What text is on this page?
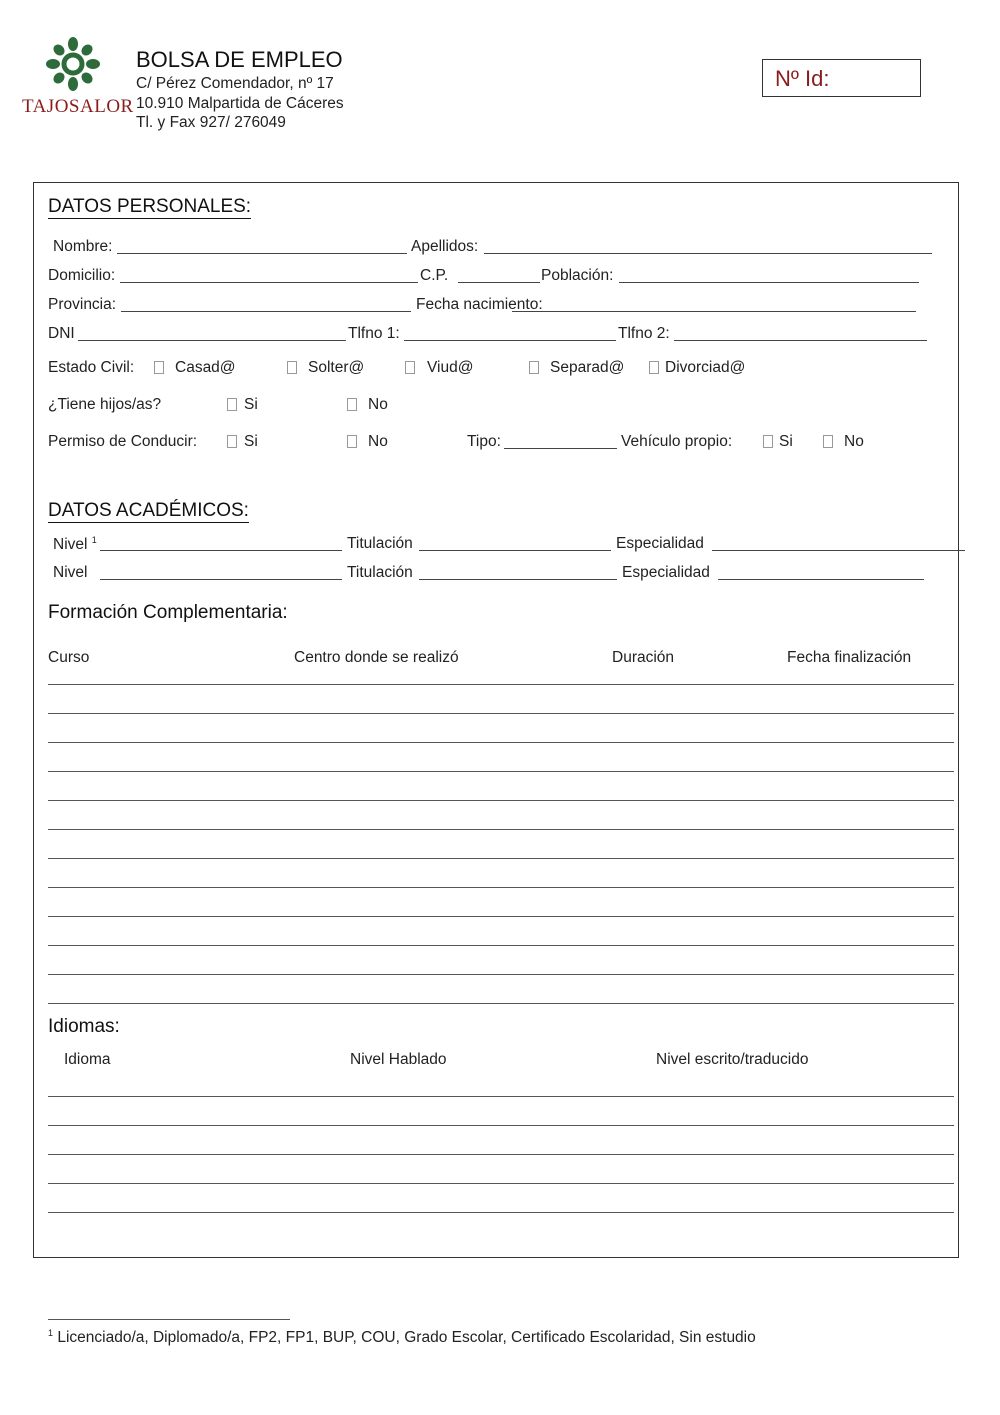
TAJOSALOR
BOLSA DE EMPLEO
C/ Pérez Comendador, nº 17
10.910 Malpartida de Cáceres
Tl. y Fax 927/ 276049
Nº Id:
DATOS PERSONALES:
Nombre:	Apellidos:
Domicilio:	C.P.	Población:
Provincia:	Fecha nacimiento:
DNI	Tlfno 1:	Tlfno 2:
Estado Civil:	Casad@	Solter@	Viud@	Separad@	Divorciad@
¿Tiene hijos/as?	Si	No
Permiso de Conducir:	Si	No	Tipo:	Vehículo propio:	Si	No
DATOS ACADÉMICOS:
Nivel $^1$	Titulación	Especialidad
Nivel	Titulación	Especialidad
Formación Complementaria:
Curso	Centro donde se realizó	Duración	Fecha finalización
Idiomas:
Idioma	Nivel Hablado	Nivel escrito/traducido
$^1$ Licenciado/a, Diplomado/a, FP2, FP1, BUP, COU, Grado Escolar, Certificado Escolaridad, Sin estudio
